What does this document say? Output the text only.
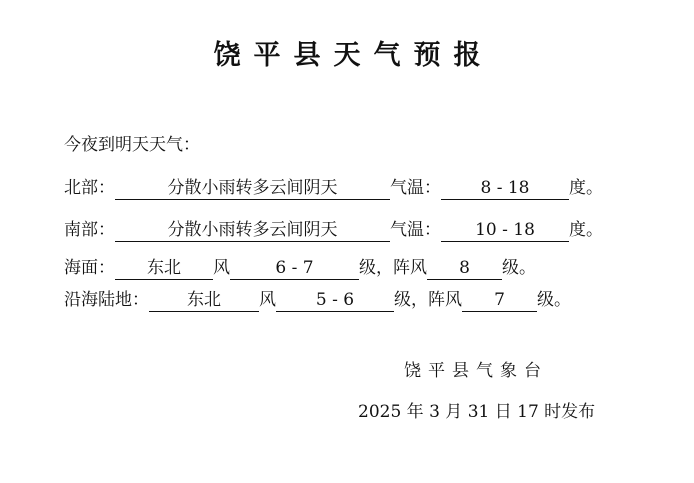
饶平县天气预报
今夜到明天天气：
北部：	分散小雨转多云间阴天	气温： 8 - 18 度。
南部：	分散小雨转多云间阴天	气温： 10 - 18 度。
海面： 东北 风	6 - 7	级，阵风 8 级。
沿海陆地： 东北 风 5 - 6 级，阵风 7 级。
饶平县气象台
2025 年 3 月 31 日 17 时发布
